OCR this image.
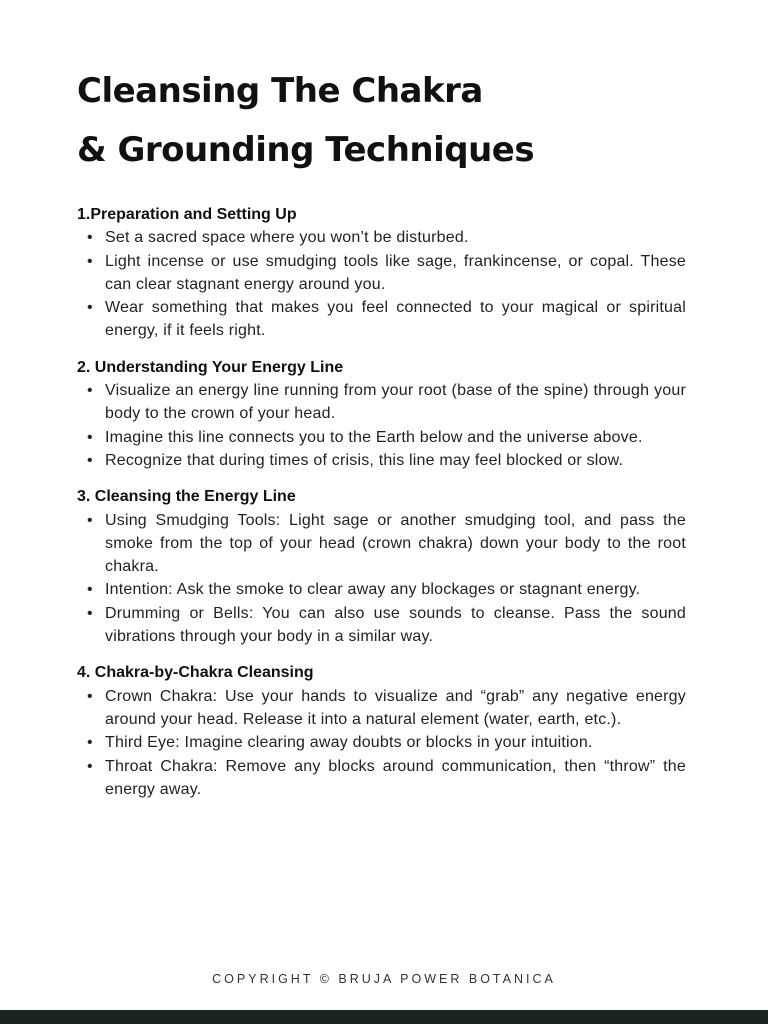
Cleansing The Chakra
& Grounding Techniques
1.Preparation and Setting Up
• Set a sacred space where you won’t be disturbed.
• Light incense or use smudging tools like sage, frankincense, or copal. These can clear stagnant energy around you.
• Wear something that makes you feel connected to your magical or spiritual energy, if it feels right.
2. Understanding Your Energy Line
• Visualize an energy line running from your root (base of the spine) through your body to the crown of your head.
• Imagine this line connects you to the Earth below and the universe above.
• Recognize that during times of crisis, this line may feel blocked or slow.
3. Cleansing the Energy Line
• Using Smudging Tools: Light sage or another smudging tool, and pass the smoke from the top of your head (crown chakra) down your body to the root chakra.
• Intention: Ask the smoke to clear away any blockages or stagnant energy.
• Drumming or Bells: You can also use sounds to cleanse. Pass the sound vibrations through your body in a similar way.
4. Chakra-by-Chakra Cleansing
• Crown Chakra: Use your hands to visualize and “grab” any negative energy around your head. Release it into a natural element (water, earth, etc.).
• Third Eye: Imagine clearing away doubts or blocks in your intuition.
• Throat Chakra: Remove any blocks around communication, then “throw” the energy away.
COPYRIGHT © BRUJA POWER BOTANICA
